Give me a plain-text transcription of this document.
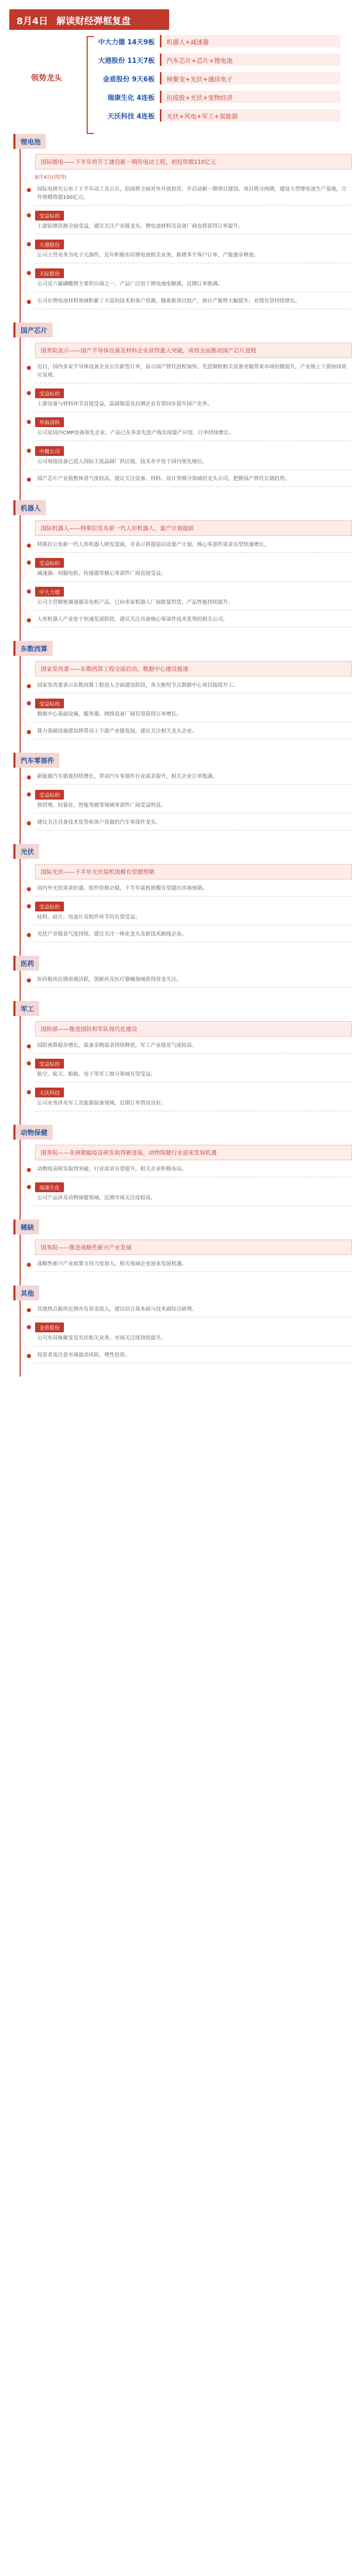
8月4日 解读财经弹框复盘
领势龙头
中大力德 14天9板	机器人+减速器
大港股份 11天7板	汽车芯片+芯片+锂电池
金盾股份 9天6板	核聚变+光伏+通讯电子
瑞康生化 4连板	抗疫股+光伏+宠物经济
天沃科技 4连板	光伏+风电+军工+氢能源
锂电池
国际锂电——下半年将开工建设新一期传电动工程，初投资额110亿元
8月4日(周四)
国际电研究公布了下半年动工及公告，招商将全面对外开放投资，并启动新一期项目建设。项目将分两期，建设大型锂电池生产基地，合作规模将超100亿元。
受益标的
上游钴锂资源全面受益，建议关注产业链龙头，锂电池材料及设备厂商也将获得订单提升。
大港股份
公司主营业务为电子元器件，近年积极布局锂电池相关业务，新增多个客户订单，产能逐步释放。
天际股份
公司是六氟磷酸锂主要供应商之一，产品广泛用于锂电池电解液，近期订单饱满。
公司在锂电池材料领域积累了丰富的技术和客户资源，随着新项目投产，预计产能将大幅提升，业绩有望持续增长。
国产芯片
国务院表示——国产半导体设备及材料企业获得重大突破，或将全面推动国产芯片进程
近日，国内多家半导体设备企业公告新签订单，显示国产替代进程加快。先进制程相关设备突破带来市场份额提升，产业链上下游协同效应显现。
受益标的
上游设备与材料环节直接受益，晶圆制造及封测企业有望同步提升国产化率。
华海清科
公司是国内CMP设备领先企业，产品已在多条先进产线实现量产应用，订单持续增长。
中微公司
公司刻蚀设备已进入国际主流晶圆厂供应链，技术水平处于国内领先地位。
国产芯片产业链整体景气度较高，建议关注设备、材料、设计等细分领域的龙头公司，把握国产替代长期趋势。
机器人
国际机器人——特斯拉发布新一代人形机器人，量产计划提前
特斯拉公布新一代人形机器人研发进展，并表示将提前启动量产计划，核心零部件需求有望快速增长。
受益标的
减速器、伺服电机、传感器等核心零部件厂商直接受益。
中大力德
公司主营精密减速器及电机产品，已向多家机器人厂商批量供货，产品性能持续提升。
人形机器人产业处于快速发展阶段，建议关注具备核心零部件技术优势的相关公司。
东数西算
国家发改委——东数西算工程全面启动，数据中心建设提速
国家发改委表示东数西算工程进入全面建设阶段，各大枢纽节点数据中心项目陆续开工。
受益标的
数据中心基础设施、服务器、网络设备厂商有望获得订单增长。
算力基础设施建设将带动上下游产业链发展，建议关注相关龙头企业。
汽车零部件
新能源汽车销量持续增长，带动汽车零部件行业需求提升，相关企业订单饱满。
受益标的
热管理、轻量化、智能驾驶等领域零部件厂商受益明显。
建议关注具备技术优势和客户资源的汽车零部件龙头。
光伏
国际光伏——下半年光伏装机规模有望超预期
国内外光伏需求旺盛，组件价格企稳，下半年装机规模有望超出市场预期。
受益标的
硅料、硅片、电池片及组件环节均有望受益。
光伏产业链景气度持续，建议关注一体化龙头及新技术路线企业。
医药
医药板块近期表现活跃，创新药及医疗器械领域获得资金关注。
军工
国防部——推进国防和军队现代化建设
国防预算稳步增长，装备采购需求持续释放，军工产业链景气度较高。
受益标的
航空、航天、船舶、电子等军工细分领域有望受益。
天沃科技
公司业务涉及军工及能源装备领域，近期订单情况良好。
动物保健
国务院——非洲猪瘟疫苗研发取得新进展，动物保健行业迎来发展机遇
动物疫苗研发取得突破，行业需求有望提升，相关企业积极布局。
瑞康生化
公司产品涉及动物保健领域，近期市场关注度较高。
稀缺
国务院——推进战略性新兴产业发展
战略性新兴产业政策支持力度加大，相关领域企业迎来发展机遇。
其他
其他热点板块近期亦有资金流入，建议结合基本面与技术面综合研判。
金盾股份
公司布局核聚变及光伏相关业务，市场关注度持续提升。
投资者需注意市场波动风险，理性投资。
